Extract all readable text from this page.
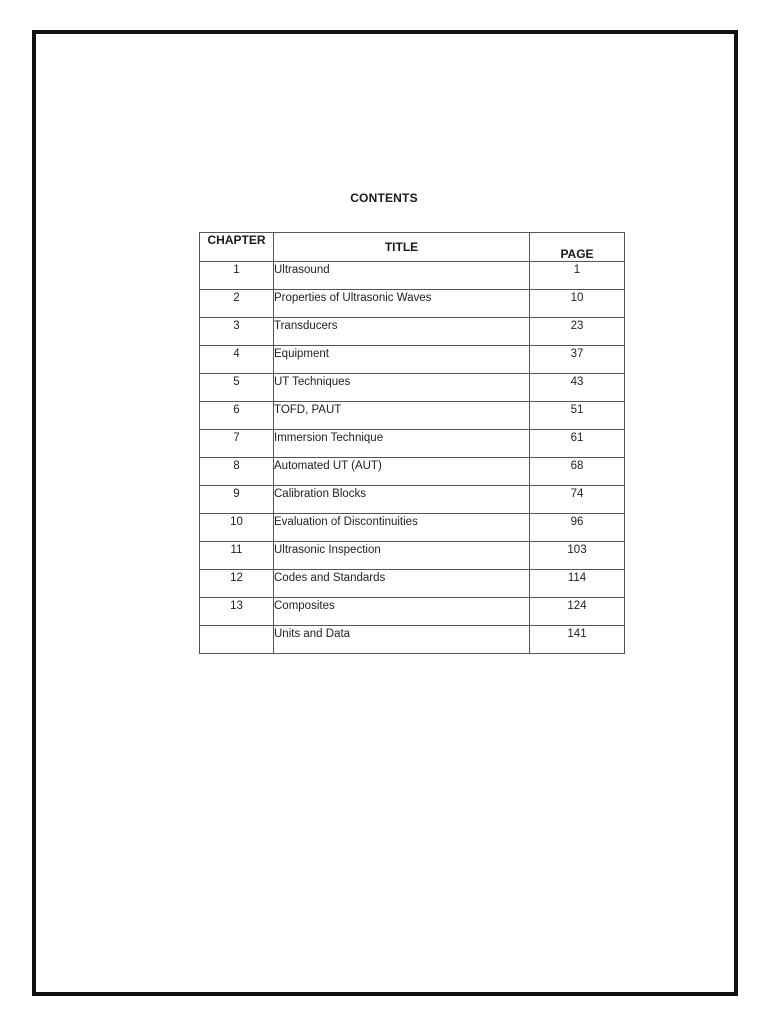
CONTENTS
CHAPTER	TITLE	PAGE
1	Ultrasound	1
2	Properties of Ultrasonic Waves	10
3	Transducers	23
4	Equipment	37
5	UT Techniques	43
6	TOFD, PAUT	51
7	Immersion Technique	61
8	Automated UT (AUT)	68
9	Calibration Blocks	74
10	Evaluation of Discontinuities	96
11	Ultrasonic Inspection	103
12	Codes and Standards	114
13	Composites	124
	Units and Data	141
